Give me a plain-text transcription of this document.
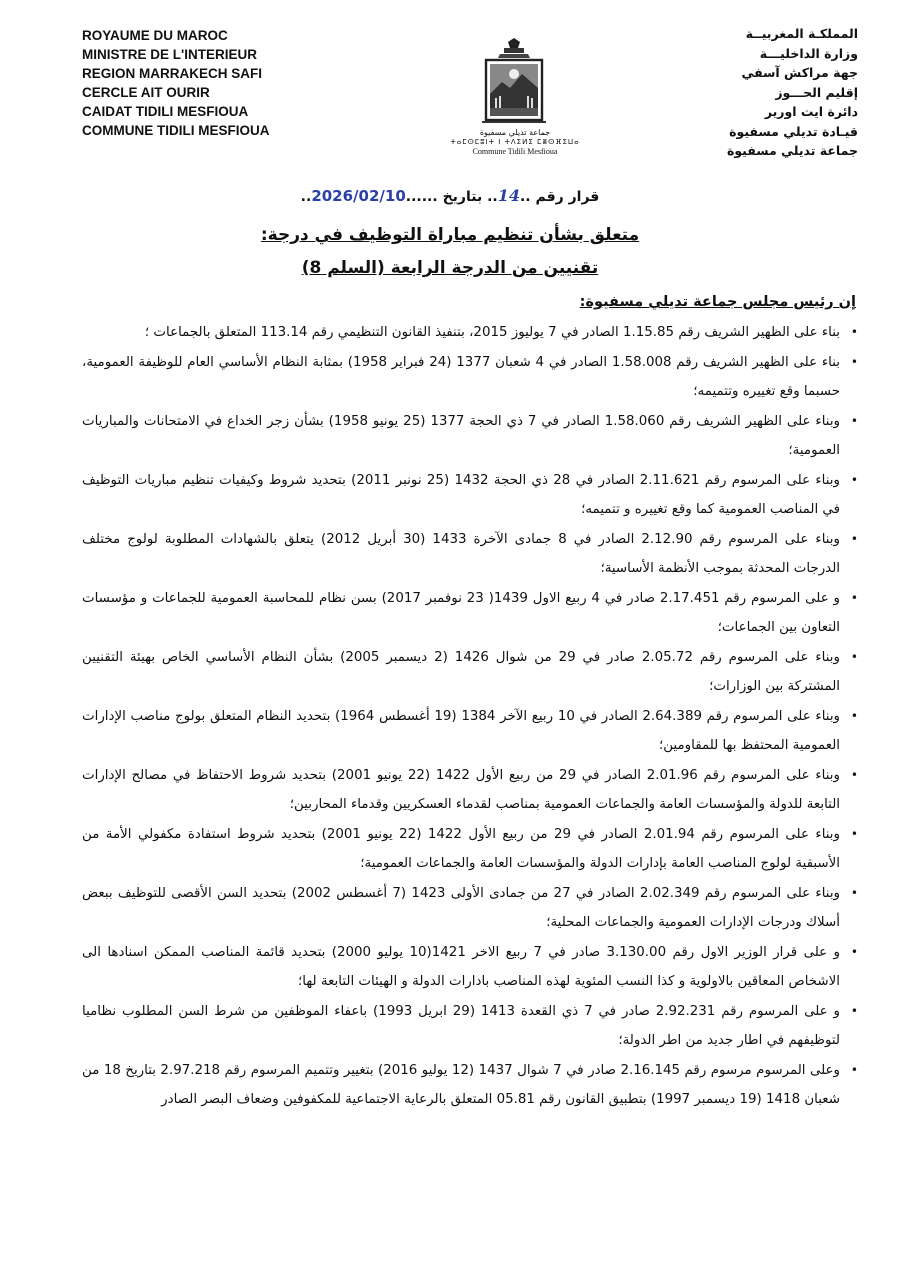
ROYAUME DU MAROC
MINISTRE DE L'INTERIEUR
REGION MARRAKECH SAFI
CERCLE AIT OURIR
CAIDAT TIDILI MESFIOUA
COMMUNE TIDILI MESFIOUA
المملكـة المغربيــة
وزارة الداخليـــة
جهة مراكش آسفي
إقليم الحـــوز
دائرة ايت اورير
قيـادة تديلي مسفيوة
جماعة تديلي مسفيوة
جماعة تديلي مسفيوة
ⵜⴰⵎⵙⵎⵓⵏⵜ ⵏ ⵜⴷⵉⵍⵉ ⵎⴻⵙⴼⵉⵡⴰ
Commune Tidili Mesfioua
قرار رقم ..14.. بتاريخ ......2026/02/10..
متعلق بشأن تنظيم مباراة التوظيف في درجة:
تقنيين من الدرجة الرابعة (السلم 8)
إن رئيس مجلس جماعة تديلي مسفيوة:
• بناء على الظهير الشريف رقم 1.15.85 الصادر في 7 يوليوز 2015، بتنفيذ القانون التنظيمي رقم 113.14 المتعلق بالجماعات ؛
• بناء على الظهير الشريف رقم 1.58.008 الصادر في 4 شعبان 1377 (24 فبراير 1958) بمثابة النظام الأساسي العام للوظيفة العمومية، حسبما وقع تغييره وتتميمه؛
• وبناء على الظهير الشريف رقم 1.58.060 الصادر في 7 ذي الحجة 1377 (25 يونيو 1958) بشأن زجر الخداع في الامتحانات والمباريات العمومية؛
• وبناء على المرسوم رقم 2.11.621 الصادر في 28 ذي الحجة 1432 (25 نونبر 2011) بتحديد شروط وكيفيات تنظيم مباريات التوظيف في المناصب العمومية كما وقع تغييره و تتميمه؛
• وبناء على المرسوم رقم 2.12.90 الصادر في 8 جمادى الآخرة 1433 (30 أبريل 2012) يتعلق بالشهادات المطلوبة لولوج مختلف الدرجات المحدثة بموجب الأنظمة الأساسية؛
• و على المرسوم رقم 2.17.451 صادر في 4 ربيع الاول 1439( 23 نوفمبر 2017) بسن نظام للمحاسبة العمومية للجماعات و مؤسسات التعاون بين الجماعات؛
• وبناء على المرسوم رقم 2.05.72 صادر في 29 من شوال 1426 (2 ديسمبر 2005) بشأن النظام الأساسي الخاص بهيئة التقنيين المشتركة بين الوزارات؛
• وبناء على المرسوم رقم 2.64.389 الصادر في 10 ربيع الآخر 1384 (19 أغسطس 1964) بتحديد النظام المتعلق بولوج مناصب الإدارات العمومية المحتفظ بها للمقاومين؛
• وبناء على المرسوم رقم 2.01.96 الصادر في 29 من ربيع الأول 1422 (22 يونيو 2001) بتحديد شروط الاحتفاظ في مصالح الإدارات التابعة للدولة والمؤسسات العامة والجماعات العمومية بمناصب لقدماء العسكريين وقدماء المحاربين؛
• وبناء على المرسوم رقم 2.01.94 الصادر في 29 من ربيع الأول 1422 (22 يونيو 2001) بتحديد شروط استفادة مكفولي الأمة من الأسبقية لولوج المناصب العامة بإدارات الدولة والمؤسسات العامة والجماعات العمومية؛
• وبناء على المرسوم رقم 2.02.349 الصادر في 27 من جمادى الأولى 1423 (7 أغسطس 2002) بتحديد السن الأقصى للتوظيف ببعض أسلاك ودرجات الإدارات العمومية والجماعات المحلية؛
• و على قرار الوزير الاول رقم 3.130.00 صادر في 7 ربيع الاخر 1421(10 يوليو 2000) بتحديد قائمة المناصب الممكن اسنادها الى الاشخاص المعاقين بالاولوية و كذا النسب المئوية لهذه المناصب بادارات الدولة و الهيئات التابعة لها؛
• و على المرسوم رقم 2.92.231 صادر في 7 ذي القعدة 1413 (29 ابريل 1993) باعفاء الموظفين من شرط السن المطلوب نظاميا لتوظيفهم في اطار جديد من اطر الدولة؛
• وعلى المرسوم مرسوم رقم 2.16.145 صادر في 7 شوال 1437 (12 يوليو 2016) بتغيير وتتميم المرسوم رقم 2.97.218 بتاريخ 18 من شعبان 1418 (19 ديسمبر 1997) بتطبيق القانون رقم 05.81 المتعلق بالرعاية الاجتماعية للمكفوفين وضعاف البصر الصادر
